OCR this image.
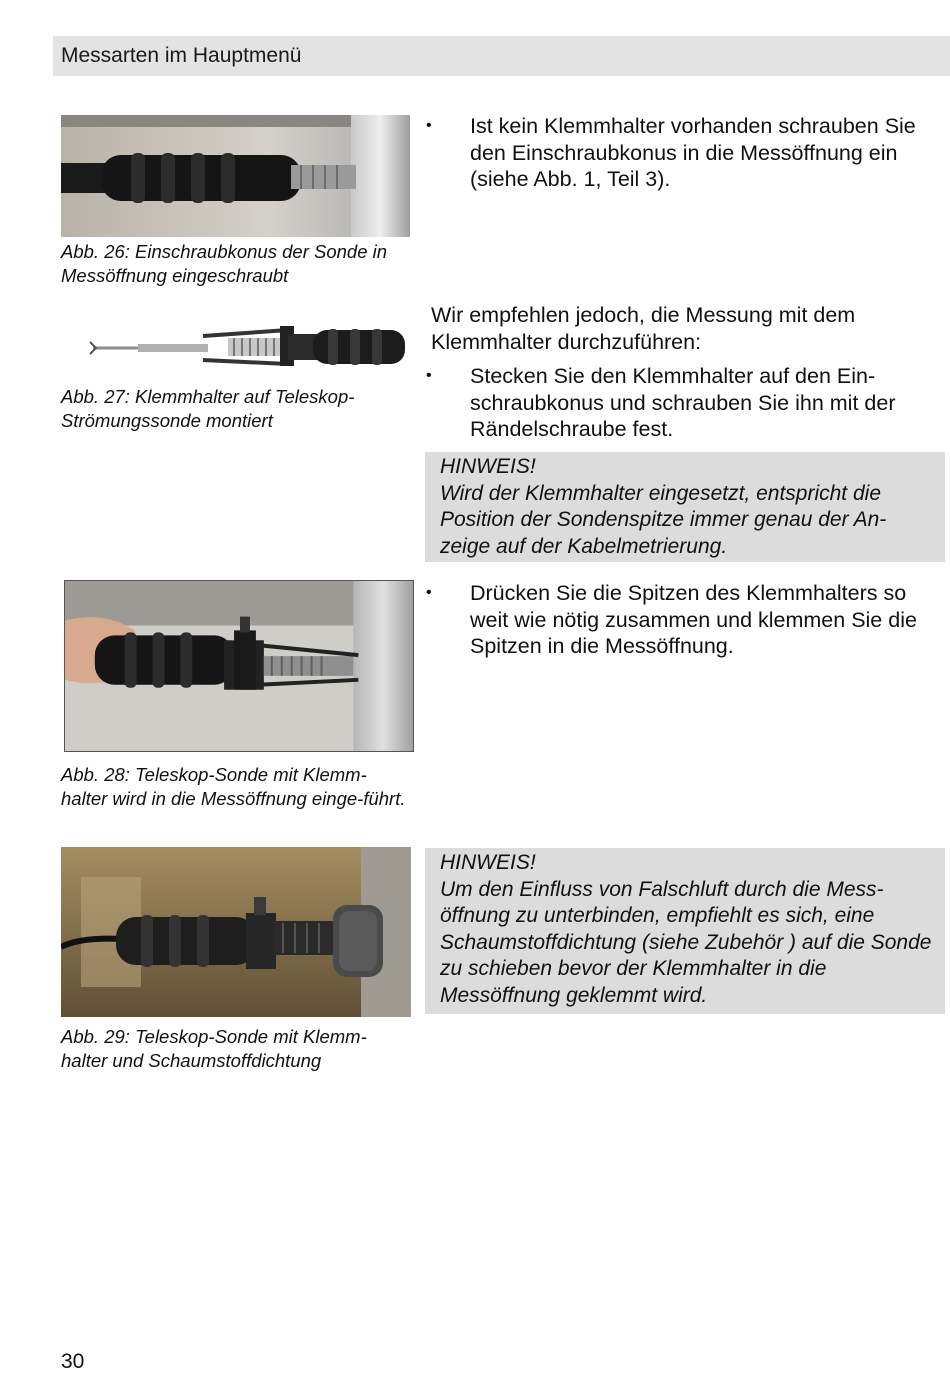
Messarten im Hauptmenü
Abb. 26: Einschraubkonus der Sonde in Messöffnung eingeschraubt
Abb. 27: Klemmhalter auf Teleskop-Strömungssonde montiert
Abb. 28: Teleskop-Sonde mit Klemm-halter wird in die Messöffnung einge-führt.
Abb. 29: Teleskop-Sonde mit Klemm-halter und Schaumstoffdichtung
• Ist kein Klemmhalter vorhanden schrauben Sie den Einschraubkonus in die Messöffnung ein (siehe Abb. 1, Teil 3).
Wir empfehlen jedoch, die Messung mit dem Klemmhalter durchzuführen:
• Stecken Sie den Klemmhalter auf den Ein-schraubkonus und schrauben Sie ihn mit der Rändelschraube fest.
HINWEIS!
Wird der Klemmhalter eingesetzt, entspricht die Position der Sondenspitze immer genau der An-zeige auf der Kabelmetrierung.
• Drücken Sie die Spitzen des Klemmhalters so weit wie nötig zusammen und klemmen Sie die Spitzen in die Messöffnung.
HINWEIS!
Um den Einfluss von Falschluft durch die Mess-öffnung zu unterbinden, empfiehlt es sich, eine Schaumstoffdichtung (siehe Zubehör ) auf die Sonde zu schieben bevor der Klemmhalter in die Messöffnung geklemmt wird.
30
